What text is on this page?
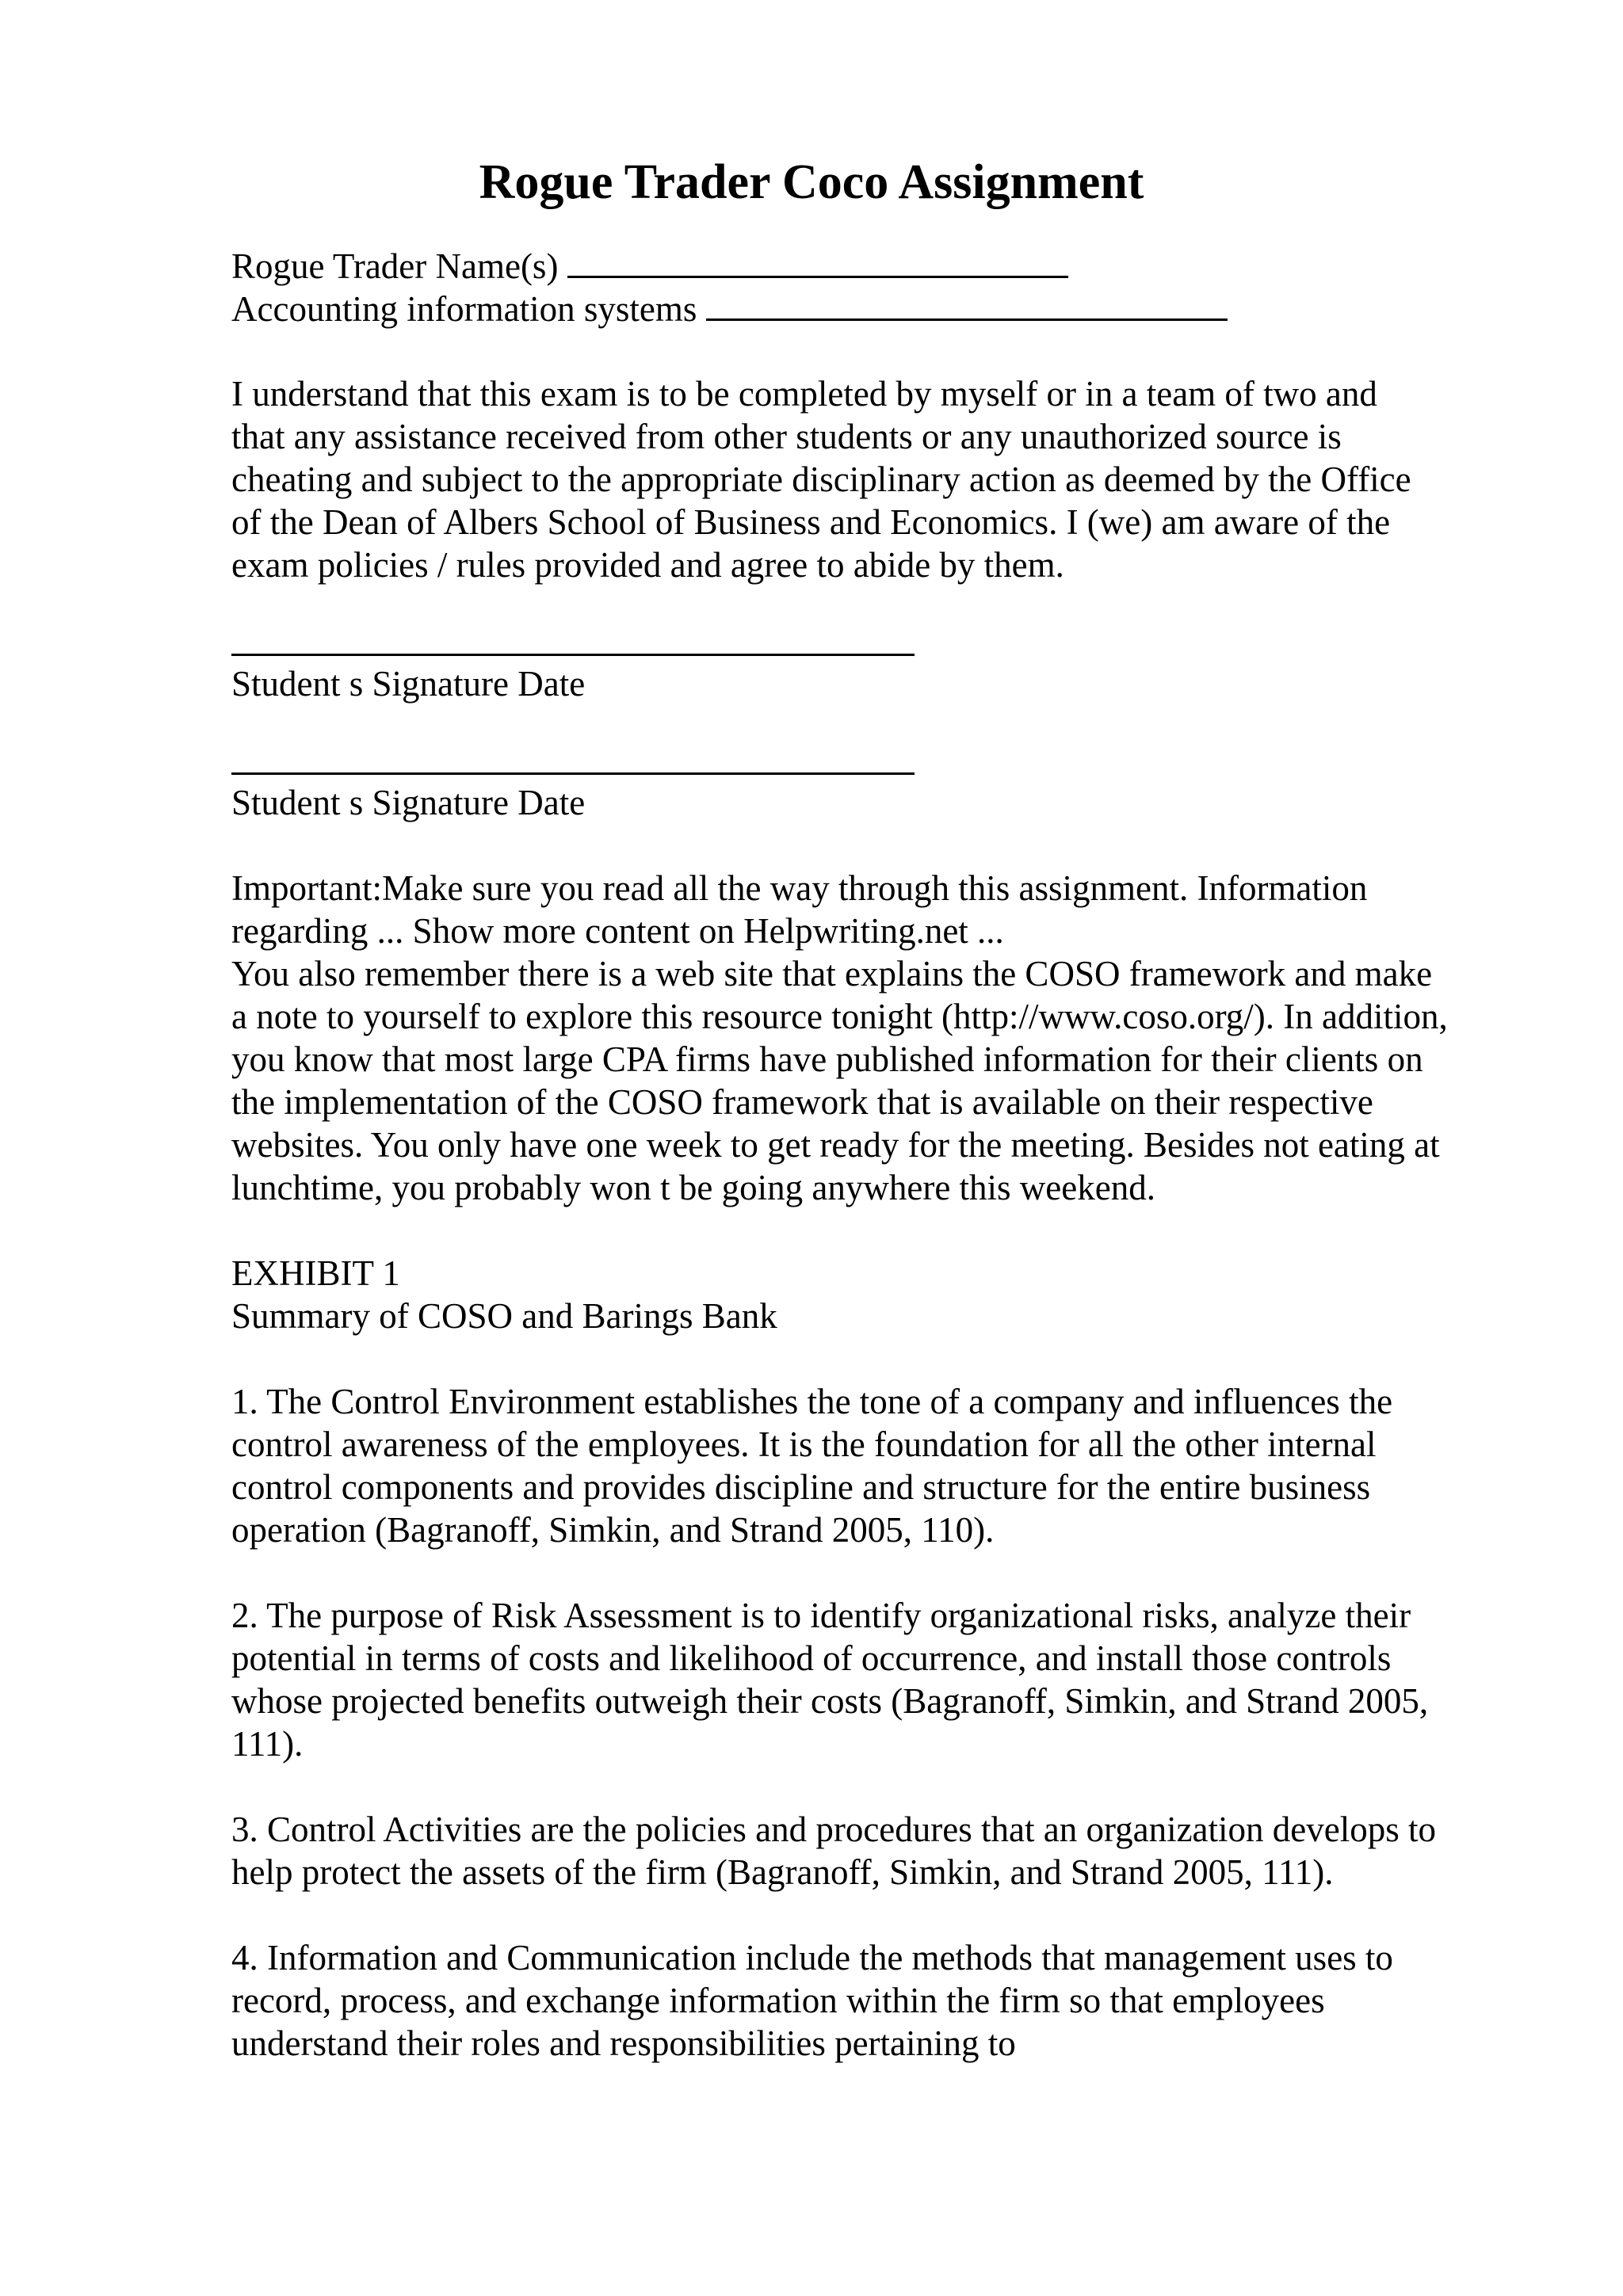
Rogue Trader Coco Assignment
Rogue Trader Name(s)
Accounting information systems
I understand that this exam is to be completed by myself or in a team of two and
that any assistance received from other students or any unauthorized source is
cheating and subject to the appropriate disciplinary action as deemed by the Office
of the Dean of Albers School of Business and Economics. I (we) am aware of the
exam policies / rules provided and agree to abide by them.
Student s Signature Date
Student s Signature Date
Important:Make sure you read all the way through this assignment. Information
regarding ... Show more content on Helpwriting.net ...
You also remember there is a web site that explains the COSO framework and make
a note to yourself to explore this resource tonight (http://www.coso.org/). In addition,
you know that most large CPA firms have published information for their clients on
the implementation of the COSO framework that is available on their respective
websites. You only have one week to get ready for the meeting. Besides not eating at
lunchtime, you probably won t be going anywhere this weekend.
EXHIBIT 1
Summary of COSO and Barings Bank
1. The Control Environment establishes the tone of a company and influences the
control awareness of the employees. It is the foundation for all the other internal
control components and provides discipline and structure for the entire business
operation (Bagranoff, Simkin, and Strand 2005, 110).
2. The purpose of Risk Assessment is to identify organizational risks, analyze their
potential in terms of costs and likelihood of occurrence, and install those controls
whose projected benefits outweigh their costs (Bagranoff, Simkin, and Strand 2005,
111).
3. Control Activities are the policies and procedures that an organization develops to
help protect the assets of the firm (Bagranoff, Simkin, and Strand 2005, 111).
4. Information and Communication include the methods that management uses to
record, process, and exchange information within the firm so that employees
understand their roles and responsibilities pertaining to
